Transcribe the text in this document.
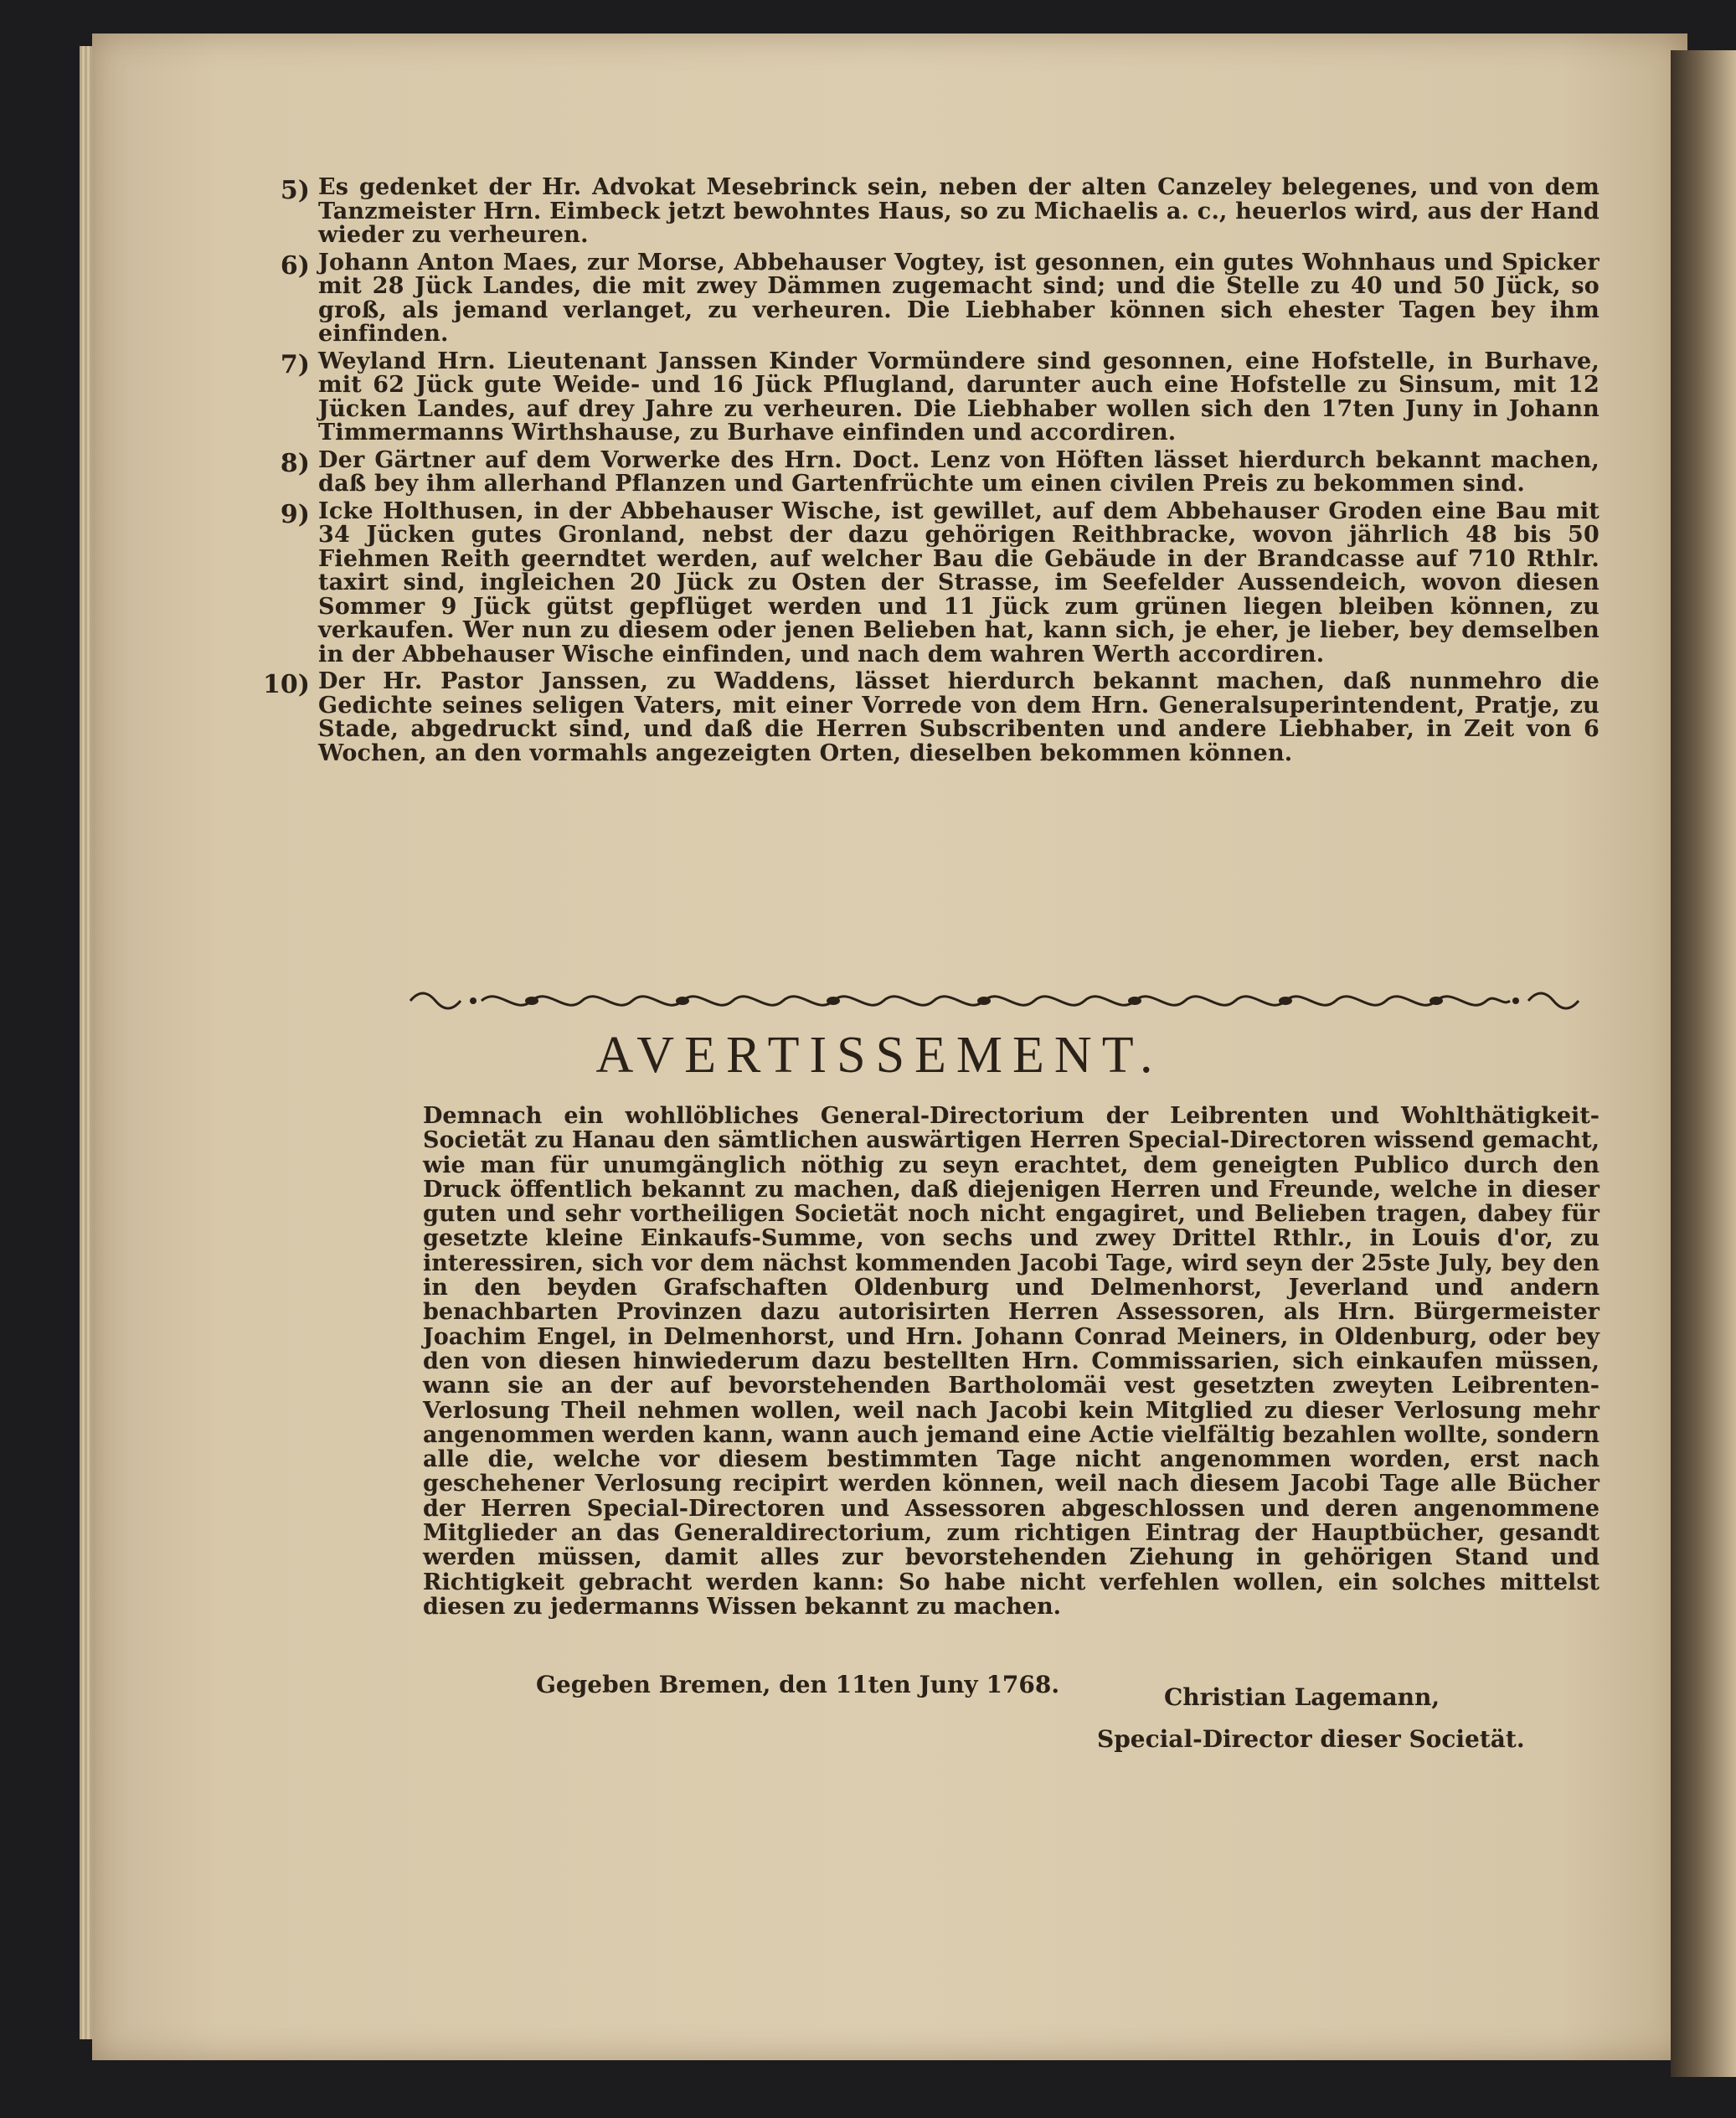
5) Es gedenket der Hr. Advokat Mesebrinck sein, neben der alten Canzeley belegenes, und von dem Tanzmeister Hrn. Eimbeck jetzt bewohntes Haus, so zu Michaelis a. c., heuerlos wird, aus der Hand wieder zu verheuren.

6) Johann Anton Maes, zur Morse, Abbehauser Vogtey, ist gesonnen, ein gutes Wohnhaus und Spicker mit 28 Jück Landes, die mit zwey Dämmen zugemacht sind; und die Stelle zu 40 und 50 Jück, so groß, als jemand verlanget, zu verheuren. Die Liebhaber können sich ehester Tagen bey ihm einfinden.

7) Weyland Hrn. Lieutenant Janssen Kinder Vormündere sind gesonnen, eine Hofstelle, in Burhave, mit 62 Jück gute Weide- und 16 Jück Pflugland, darunter auch eine Hofstelle zu Sinsum, mit 12 Jücken Landes, auf drey Jahre zu verheuren. Die Liebhaber wollen sich den 17ten Juny in Johann Timmermanns Wirthshause, zu Burhave einfinden und accordiren.

8) Der Gärtner auf dem Vorwerke des Hrn. Doct. Lenz von Höften lässet hierdurch bekannt machen, daß bey ihm allerhand Pflanzen und Gartenfrüchte um einen civilen Preis zu bekommen sind.

9) Icke Holthusen, in der Abbehauser Wische, ist gewillet, auf dem Abbehauser Groden eine Bau mit 34 Jücken gutes Gronland, nebst der dazu gehörigen Reithbracke, wovon jährlich 48 bis 50 Fiehmen Reith geerndtet werden, auf welcher Bau die Gebäude in der Brandcasse auf 710 Rthlr. taxirt sind, ingleichen 20 Jück zu Osten der Strasse, im Seefelder Aussendeich, wovon diesen Sommer 9 Jück gütst gepflüget werden und 11 Jück zum grünen liegen bleiben können, zu verkaufen. Wer nun zu diesem oder jenen Belieben hat, kann sich, je eher, je lieber, bey demselben in der Abbehauser Wische einfinden, und nach dem wahren Werth accordiren.

10) Der Hr. Pastor Janssen, zu Waddens, lässet hierdurch bekannt machen, daß nunmehro die Gedichte seines seligen Vaters, mit einer Vorrede von dem Hrn. Generalsuperintendent, Pratje, zu Stade, abgedruckt sind, und daß die Herren Subscribenten und andere Liebhaber, in Zeit von 6 Wochen, an den vormahls angezeigten Orten, dieselben bekommen können.

AVERTISSEMENT.

Demnach ein wohllöbliches General-Directorium der Leibrenten und Wohlthätigkeit-Societät zu Hanau den sämtlichen auswärtigen Herren Special-Directoren wissend gemacht, wie man für unumgänglich nöthig zu seyn erachtet, dem geneigten Publico durch den Druck öffentlich bekannt zu machen, daß diejenigen Herren und Freunde, welche in dieser guten und sehr vortheiligen Societät noch nicht engagiret, und Belieben tragen, dabey für gesetzte kleine Einkaufs-Summe, von sechs und zwey Drittel Rthlr., in Louis d'or, zu interessiren, sich vor dem nächst kommenden Jacobi Tage, wird seyn der 25ste July, bey den in den beyden Grafschaften Oldenburg und Delmenhorst, Jeverland und andern benachbarten Provinzen dazu autorisirten Herren Assessoren, als Hrn. Bürgermeister Joachim Engel, in Delmenhorst, und Hrn. Johann Conrad Meiners, in Oldenburg, oder bey den von diesen hinwiederum dazu bestellten Hrn. Commissarien, sich einkaufen müssen, wann sie an der auf bevorstehenden Bartholomäi vest gesetzten zweyten Leibrenten-Verlosung Theil nehmen wollen, weil nach Jacobi kein Mitglied zu dieser Verlosung mehr angenommen werden kann, wann auch jemand eine Actie vielfältig bezahlen wollte, sondern alle die, welche vor diesem bestimmten Tage nicht angenommen worden, erst nach geschehener Verlosung recipirt werden können, weil nach diesem Jacobi Tage alle Bücher der Herren Special-Directoren und Assessoren abgeschlossen und deren angenommene Mitglieder an das Generaldirectorium, zum richtigen Eintrag der Hauptbücher, gesandt werden müssen, damit alles zur bevorstehenden Ziehung in gehörigen Stand und Richtigkeit gebracht werden kann: So habe nicht verfehlen wollen, ein solches mittelst diesen zu jedermanns Wissen bekannt zu machen.

Gegeben Bremen, den 11ten Juny 1768.	Christian Lagemann,
Special-Director dieser Societät.
